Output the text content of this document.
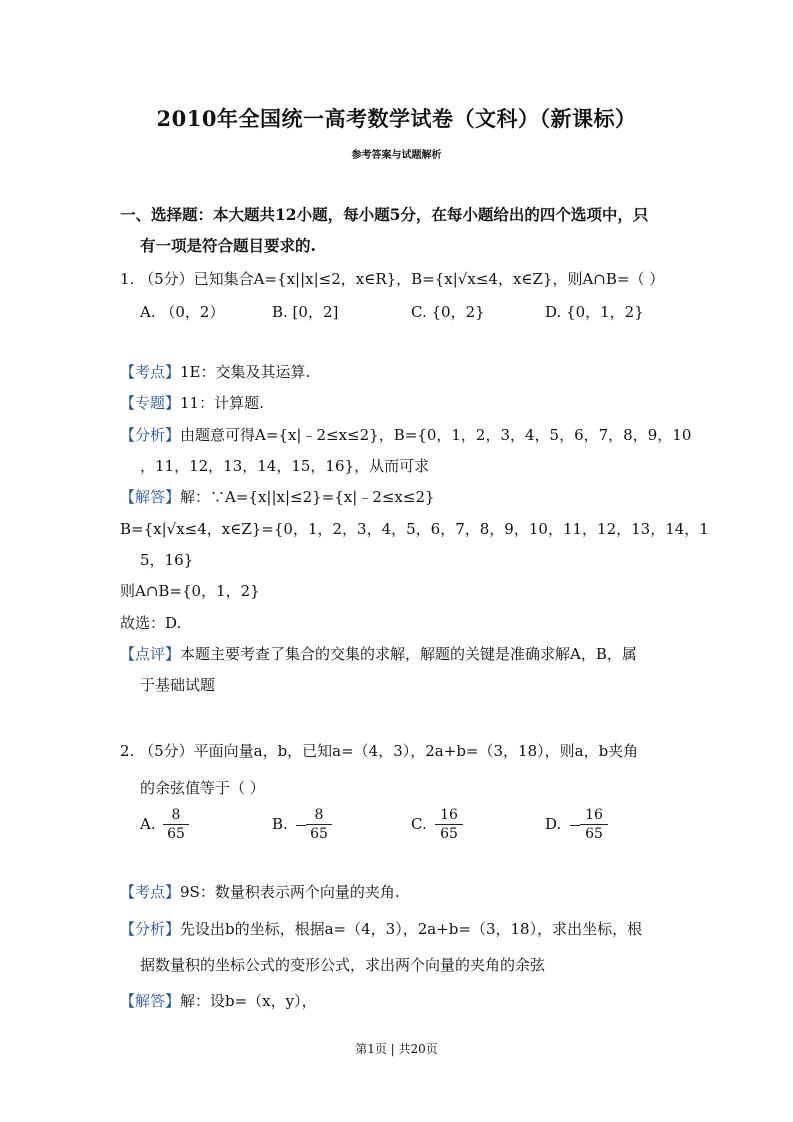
2010年全国统一高考数学试卷（文科）（新课标）
参考答案与试题解析
一、选择题：本大题共12小题，每小题5分，在每小题给出的四个选项中，只
有一项是符合题目要求的.
1. （5分）已知集合A={x||x|≤2，x∈R}，B={x|√x≤4，x∈Z}，则A∩B=（ ）
A. （0，2）	B. [0，2]	C. {0，2}	D. {0，1，2}
【考点】1E：交集及其运算.
【专题】11：计算题.
【分析】由题意可得A={x|﹣2≤x≤2}，B={0，1，2，3，4，5，6，7，8，9，10
，11，12，13，14，15，16}，从而可求
【解答】解：∵A={x||x|≤2}={x|﹣2≤x≤2}
B={x|√x≤4，x∈Z}={0，1，2，3，4，5，6，7，8，9，10，11，12，13，14，1
5，16}
则A∩B={0，1，2}
故选：D.
【点评】本题主要考查了集合的交集的求解，解题的关键是准确求解A，B，属
于基础试题
2. （5分）平面向量a，b，已知a=（4，3），2a+b=（3，18），则a，b夹角
的余弦值等于（ ）
A. $\frac{8}{65}$	B. $\frac{8}{65}$	C. $\frac{16}{65}$	D. $\frac{16}{65}$
【考点】9S：数量积表示两个向量的夹角.
【分析】先设出b的坐标，根据a=（4，3），2a+b=（3，18），求出坐标，根
据数量积的坐标公式的变形公式，求出两个向量的夹角的余弦
【解答】解：设b=（x，y），
第1页 | 共20页
